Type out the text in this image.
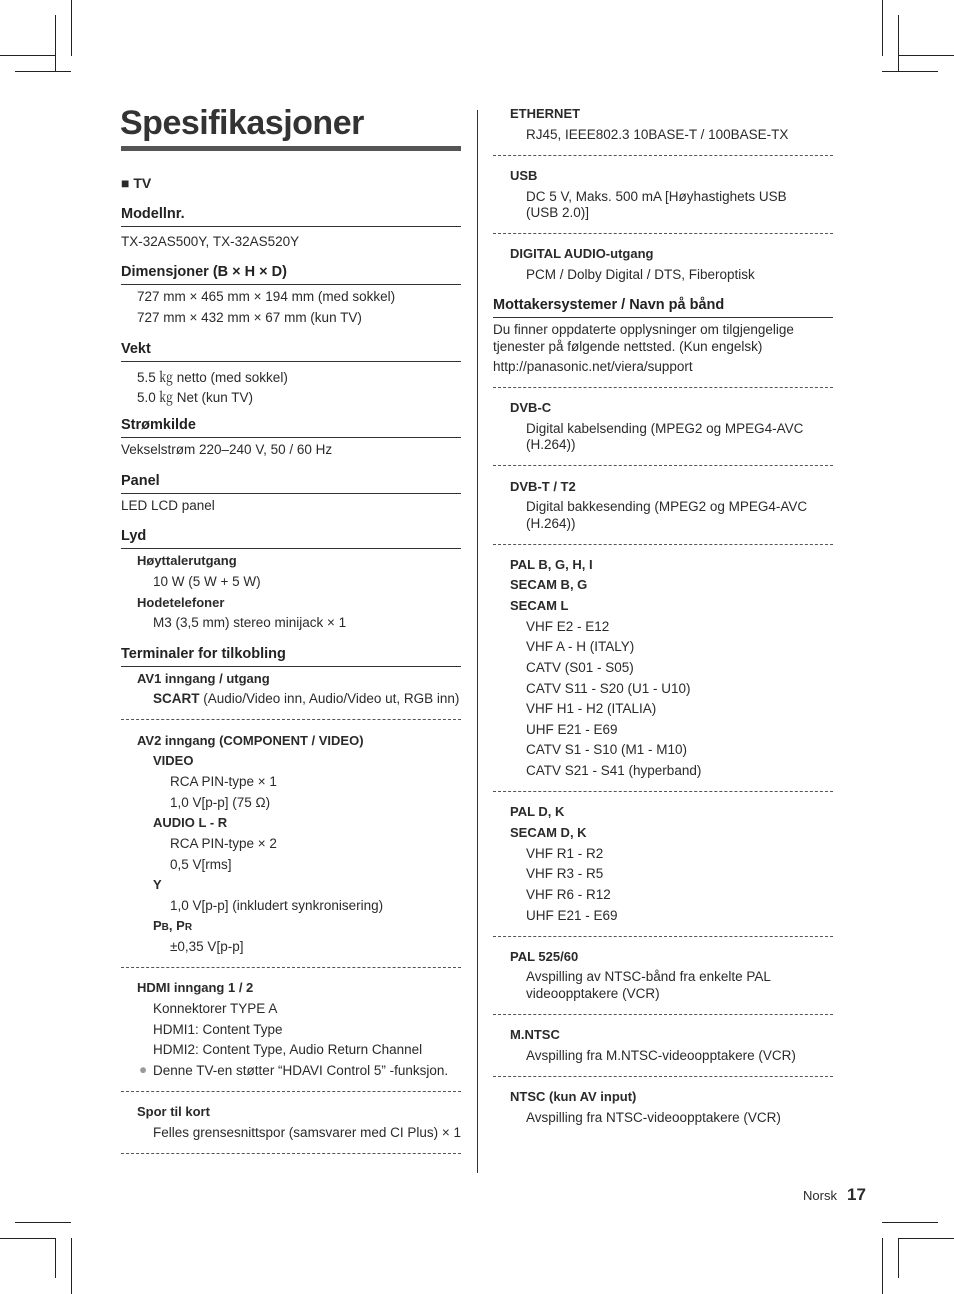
Spesifikasjoner
■ TV
Modellnr.
TX-32AS500Y, TX-32AS520Y
Dimensjoner (B × H × D)
727 mm × 465 mm × 194 mm (med sokkel)
727 mm × 432 mm × 67 mm (kun TV)
Vekt
5.5 ㎏ netto (med sokkel)
5.0 ㎏ Net (kun TV)
Strømkilde
Vekselstrøm 220–240 V, 50 / 60 Hz
Panel
LED LCD panel
Lyd
Høyttalerutgang
10 W (5 W + 5 W)
Hodetelefoner
M3 (3,5 mm) stereo minijack × 1
Terminaler for tilkobling
AV1 inngang / utgang
SCART (Audio/Video inn, Audio/Video ut, RGB inn)
AV2 inngang (COMPONENT / VIDEO)
VIDEO
RCA PIN-type × 1
1,0 V[p-p] (75 Ω)
AUDIO L - R
RCA PIN-type × 2
0,5 V[rms]
Y
1,0 V[p-p] (inkludert synkronisering)
PB, PR
±0,35 V[p-p]
HDMI inngang 1 / 2
Konnektorer TYPE A
HDMI1: Content Type
HDMI2: Content Type, Audio Return Channel
● Denne TV-en støtter “HDAVI Control 5” -funksjon.
Spor til kort
Felles grensesnittspor (samsvarer med CI Plus) × 1
ETHERNET
RJ45, IEEE802.3 10BASE-T / 100BASE-TX
USB
DC 5 V, Maks. 500 mA [Høyhastighets USB
(USB 2.0)]
DIGITAL AUDIO-utgang
PCM / Dolby Digital / DTS, Fiberoptisk
Mottakersystemer / Navn på bånd
Du finner oppdaterte opplysninger om tilgjengelige
tjenester på følgende nettsted. (Kun engelsk)
http://panasonic.net/viera/support
DVB-C
Digital kabelsending (MPEG2 og MPEG4-AVC
(H.264))
DVB-T / T2
Digital bakkesending (MPEG2 og MPEG4-AVC
(H.264))
PAL B, G, H, I
SECAM B, G
SECAM L
VHF E2 - E12
VHF A - H (ITALY)
CATV (S01 - S05)
CATV S11 - S20 (U1 - U10)
VHF H1 - H2 (ITALIA)
UHF E21 - E69
CATV S1 - S10 (M1 - M10)
CATV S21 - S41 (hyperband)
PAL D, K
SECAM D, K
VHF R1 - R2
VHF R3 - R5
VHF R6 - R12
UHF E21 - E69
PAL 525/60
Avspilling av NTSC-bånd fra enkelte PAL
videoopptakere (VCR)
M.NTSC
Avspilling fra M.NTSC-videoopptakere (VCR)
NTSC (kun AV input)
Avspilling fra NTSC-videoopptakere (VCR)
Norsk 17
